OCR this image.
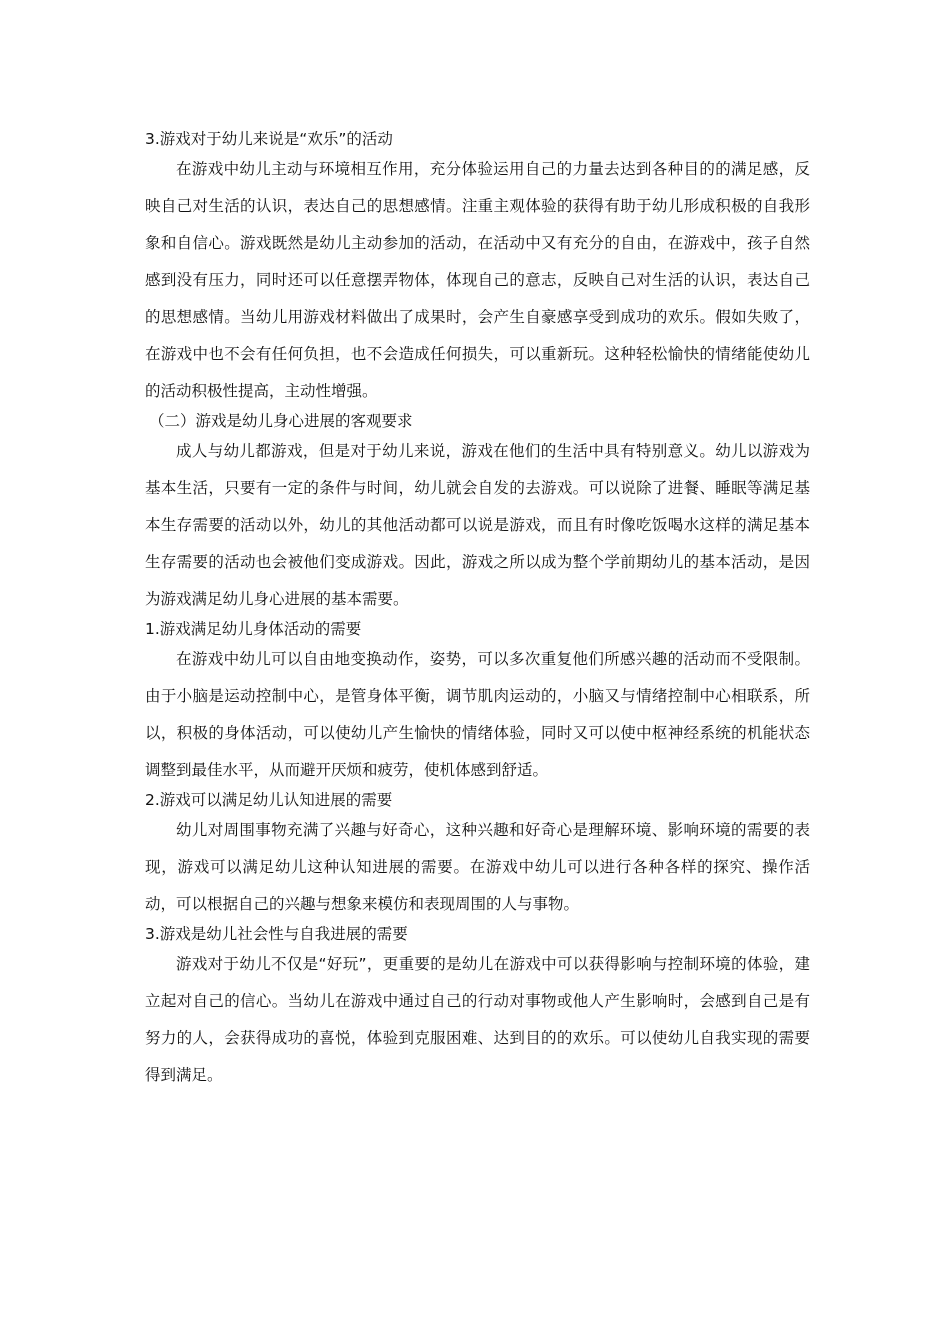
3.游戏对于幼儿来说是“欢乐”的活动

在游戏中幼儿主动与环境相互作用，充分体验运用自己的力量去达到各种目的的满足感，反映自己对生活的认识，表达自己的思想感情。注重主观体验的获得有助于幼儿形成积极的自我形象和自信心。游戏既然是幼儿主动参加的活动，在活动中又有充分的自由，在游戏中，孩子自然感到没有压力，同时还可以任意摆弄物体，体现自己的意志，反映自己对生活的认识，表达自己的思想感情。当幼儿用游戏材料做出了成果时，会产生自豪感享受到成功的欢乐。假如失败了，在游戏中也不会有任何负担，也不会造成任何损失，可以重新玩。这种轻松愉快的情绪能使幼儿的活动积极性提高，主动性增强。

（二）游戏是幼儿身心进展的客观要求

成人与幼儿都游戏，但是对于幼儿来说，游戏在他们的生活中具有特别意义。幼儿以游戏为基本生活，只要有一定的条件与时间，幼儿就会自发的去游戏。可以说除了进餐、睡眠等满足基本生存需要的活动以外，幼儿的其他活动都可以说是游戏，而且有时像吃饭喝水这样的满足基本生存需要的活动也会被他们变成游戏。因此，游戏之所以成为整个学前期幼儿的基本活动，是因为游戏满足幼儿身心进展的基本需要。

1.游戏满足幼儿身体活动的需要

在游戏中幼儿可以自由地变换动作，姿势，可以多次重复他们所感兴趣的活动而不受限制。由于小脑是运动控制中心，是管身体平衡，调节肌肉运动的，小脑又与情绪控制中心相联系，所以，积极的身体活动，可以使幼儿产生愉快的情绪体验，同时又可以使中枢神经系统的机能状态调整到最佳水平，从而避开厌烦和疲劳，使机体感到舒适。

2.游戏可以满足幼儿认知进展的需要

幼儿对周围事物充满了兴趣与好奇心，这种兴趣和好奇心是理解环境、影响环境的需要的表现，游戏可以满足幼儿这种认知进展的需要。在游戏中幼儿可以进行各种各样的探究、操作活动，可以根据自己的兴趣与想象来模仿和表现周围的人与事物。

3.游戏是幼儿社会性与自我进展的需要

游戏对于幼儿不仅是“好玩”，更重要的是幼儿在游戏中可以获得影响与控制环境的体验，建立起对自己的信心。当幼儿在游戏中通过自己的行动对事物或他人产生影响时，会感到自己是有努力的人，会获得成功的喜悦，体验到克服困难、达到目的的欢乐。可以使幼儿自我实现的需要得到满足。
